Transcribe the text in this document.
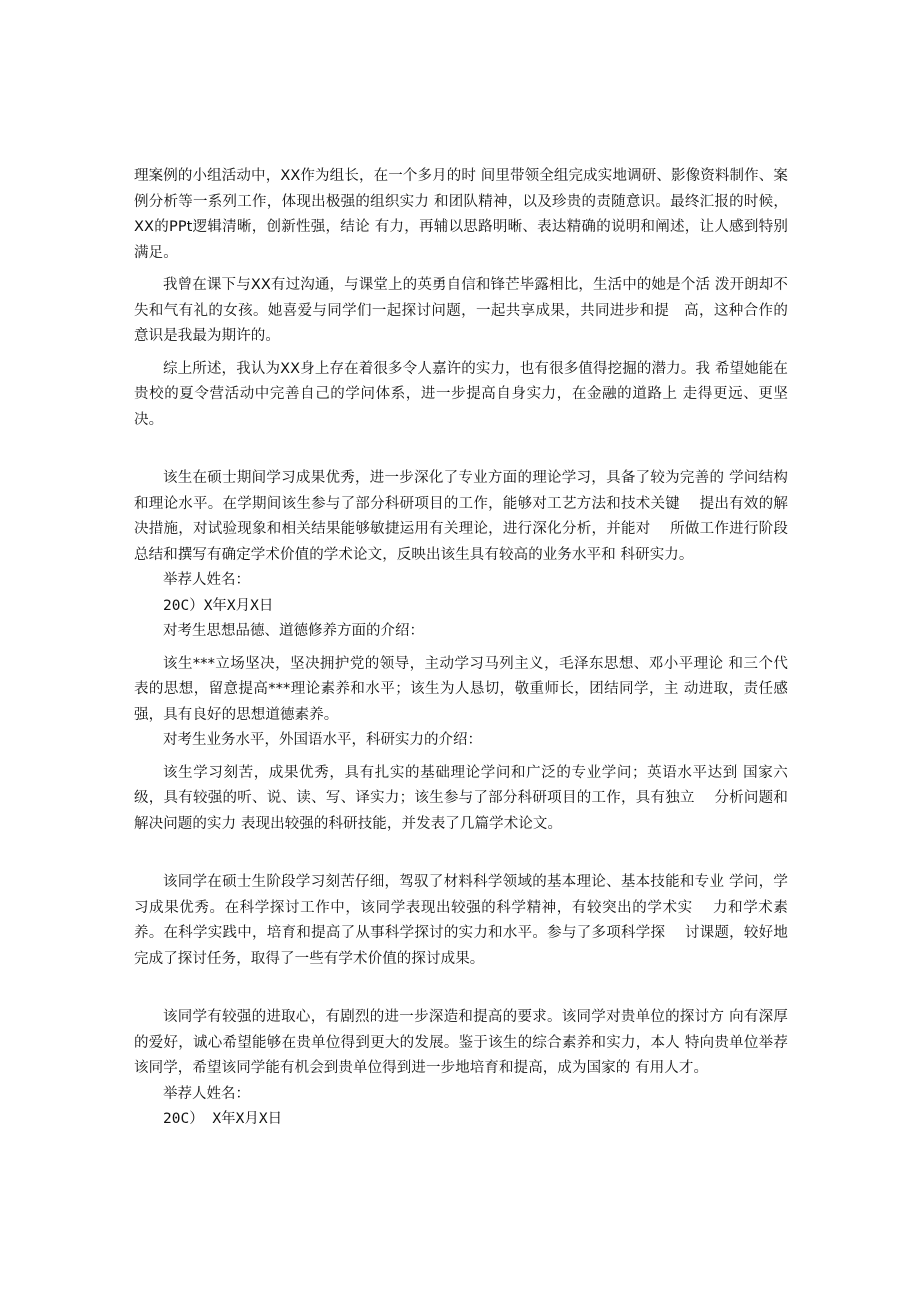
理案例的小组活动中，XX作为组长，在一个多月的时 间里带领全组完成实地调研、影像资料制作、案例分析等一系列工作，体现出极强的组织实力 和团队精神，以及珍贵的责随意识。最终汇报的时候，XX的PPt逻辑清晰，创新性强，结论 有力，再辅以思路明晰、表达精确的说明和阐述，让人感到特别满足。

我曾在课下与XX有过沟通，与课堂上的英勇自信和锋芒毕露相比，生活中的她是个活 泼开朗却不失和气有礼的女孩。她喜爱与同学们一起探讨问题，一起共享成果，共同进步和提　高，这种合作的意识是我最为期许的。

综上所述，我认为XX身上存在着很多令人嘉许的实力，也有很多值得挖掘的潜力。我 希望她能在贵校的夏令营活动中完善自己的学问体系，进一步提高自身实力，在金融的道路上 走得更远、更坚决。

该生在硕士期间学习成果优秀，进一步深化了专业方面的理论学习，具备了较为完善的 学问结构和理论水平。在学期间该生参与了部分科研项目的工作，能够对工艺方法和技术关键　 提出有效的解决措施，对试验现象和相关结果能够敏捷运用有关理论，进行深化分析，并能对　 所做工作进行阶段总结和撰写有确定学术价值的学术论文，反映出该生具有较高的业务水平和 科研实力。

举荐人姓名：

20C）X年X月X日

对考生思想品德、道德修养方面的介绍：

该生***立场坚决，坚决拥护党的领导，主动学习马列主义，毛泽东思想、邓小平理论 和三个代表的思想，留意提高***理论素养和水平；该生为人恳切，敬重师长，团结同学，主 动进取，责任感强，具有良好的思想道德素养。

对考生业务水平，外国语水平，科研实力的介绍：

该生学习刻苦，成果优秀，具有扎实的基础理论学问和广泛的专业学问；英语水平达到 国家六级，具有较强的听、说、读、写、译实力；该生参与了部分科研项目的工作，具有独立　 分析问题和解决问题的实力 表现出较强的科研技能，并发表了几篇学术论文。

该同学在硕士生阶段学习刻苦仔细，驾驭了材料科学领域的基本理论、基本技能和专业 学问，学习成果优秀。在科学探讨工作中，该同学表现出较强的科学精神，有较突出的学术实　 力和学术素养。在科学实践中，培育和提高了从事科学探讨的实力和水平。参与了多项科学探　 讨课题，较好地完成了探讨任务，取得了一些有学术价值的探讨成果。

该同学有较强的进取心，有剧烈的进一步深造和提高的要求。该同学对贵单位的探讨方 向有深厚的爱好，诚心希望能够在贵单位得到更大的发展。鉴于该生的综合素养和实力，本人 特向贵单位举荐该同学，希望该同学能有机会到贵单位得到进一步地培育和提高，成为国家的 有用人才。

举荐人姓名：

20C） X年X月X日
